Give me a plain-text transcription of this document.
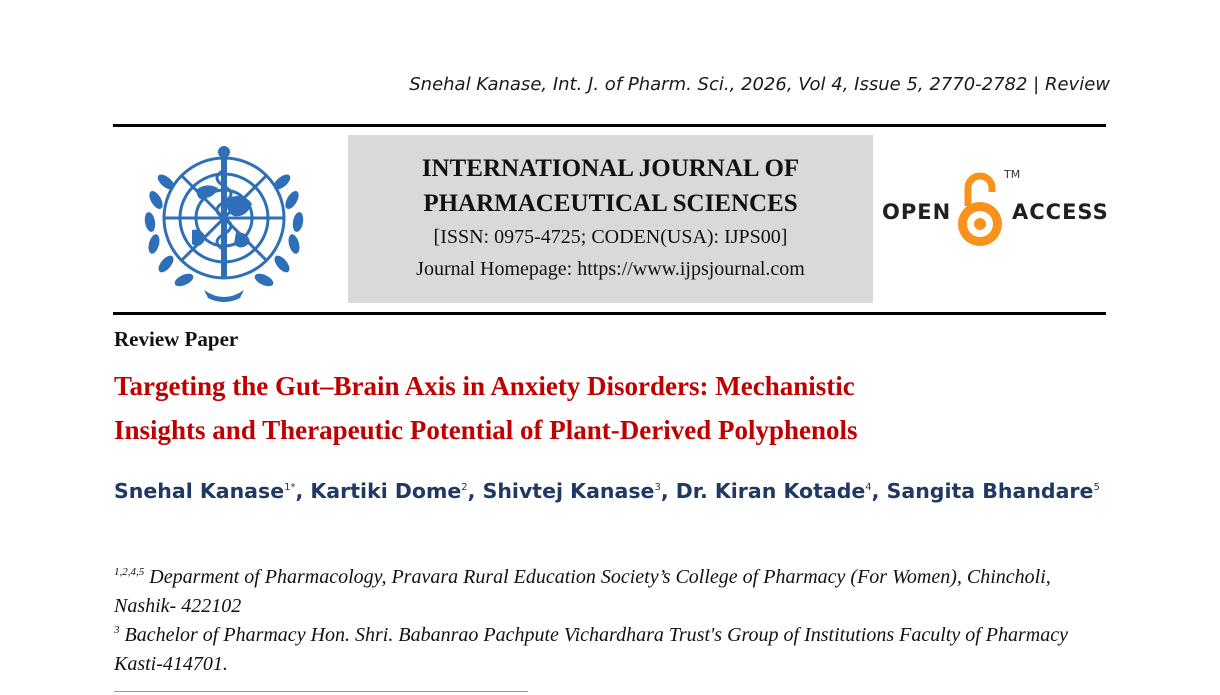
Snehal Kanase, Int. J. of Pharm. Sci., 2026, Vol 4, Issue 5, 2770-2782 | Review
INTERNATIONAL JOURNAL OF
PHARMACEUTICAL SCIENCES
[ISSN: 0975-4725; CODEN(USA): IJPS00]
Journal Homepage: https://www.ijpsjournal.com
OPEN
TM
ACCESS
Review Paper
Targeting the Gut–Brain Axis in Anxiety Disorders: Mechanistic
Insights and Therapeutic Potential of Plant-Derived Polyphenols
Snehal Kanase$^{1*}$, Kartiki Dome$^2$, Shivtej Kanase$^3$, Dr. Kiran Kotade$^4$, Sangita Bhandare$^5$
$^{1,2,4,5}$ Deparment of Pharmacology, Pravara Rural Education Society’s College of Pharmacy (For Women), Chincholi, Nashik- 422102
$^3$ Bachelor of Pharmacy Hon. Shri. Babanrao Pachpute Vichardhara Trust's Group of Institutions Faculty of Pharmacy Kasti-414701.
